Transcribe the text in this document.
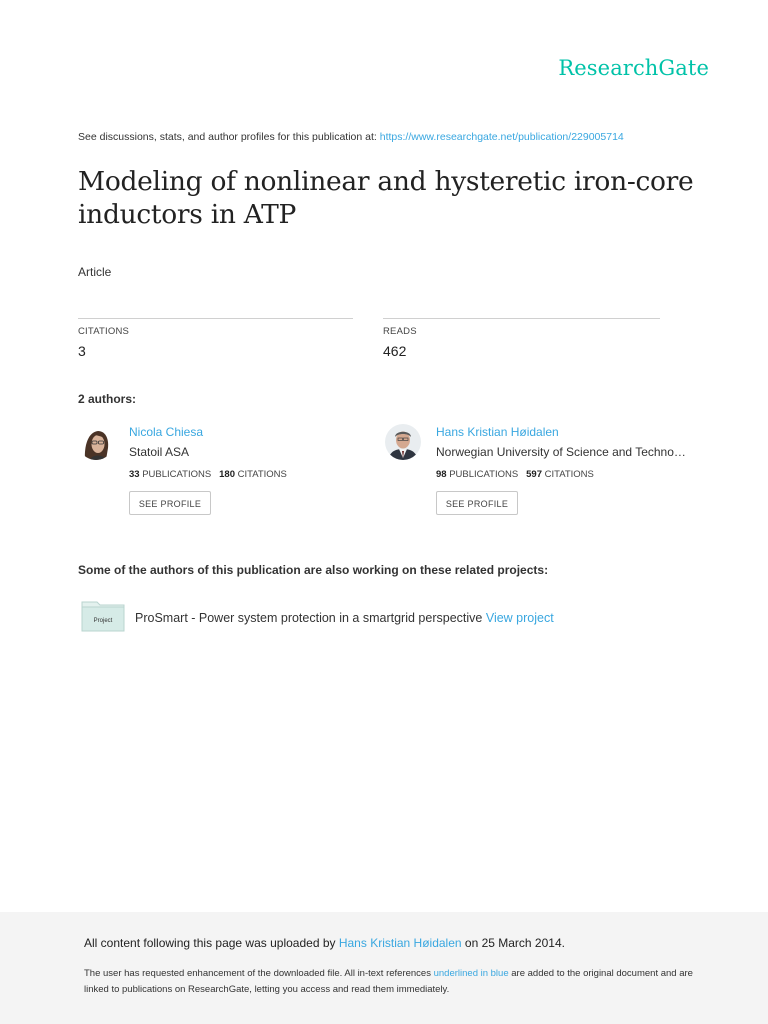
ResearchGate
See discussions, stats, and author profiles for this publication at: https://www.researchgate.net/publication/229005714
Modeling of nonlinear and hysteretic iron-core
inductors in ATP
Article
CITATIONS
3
READS
462
2 authors:
Nicola Chiesa
Statoil ASA
33 PUBLICATIONS 180 CITATIONS
SEE PROFILE
Hans Kristian Høidalen
Norwegian University of Science and Techno…
98 PUBLICATIONS 597 CITATIONS
SEE PROFILE
Some of the authors of this publication are also working on these related projects:
Project ProSmart - Power system protection in a smartgrid perspective View project
All content following this page was uploaded by Hans Kristian Høidalen on 25 March 2014.
The user has requested enhancement of the downloaded file. All in-text references underlined in blue are added to the original document and are linked to publications on ResearchGate, letting you access and read them immediately.
